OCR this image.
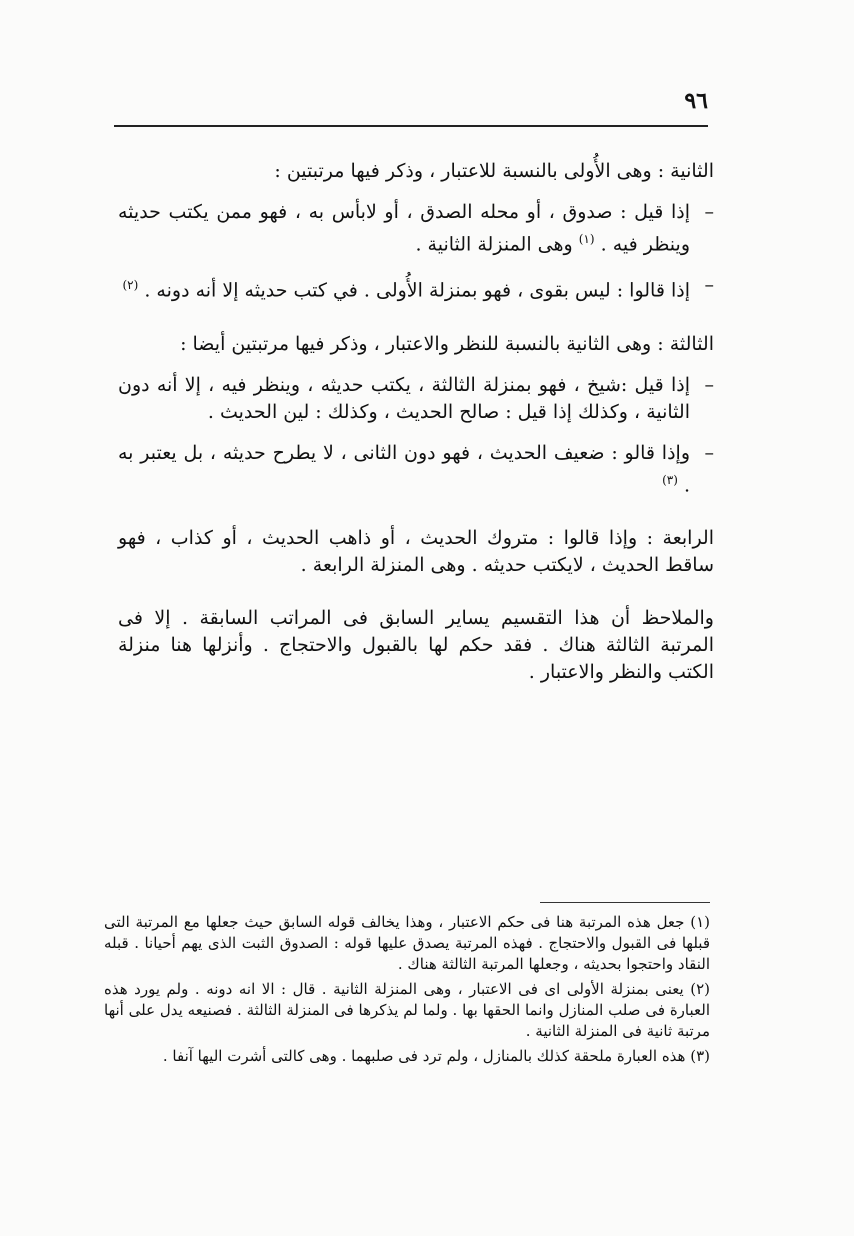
٩٦

الثانية : وهى الأُولى بالنسبة للاعتبار ، وذكر فيها مرتبتين :

–
إذا قيل : صدوق ، أو محله الصدق ، أو لابأس به ، فهو ممن يكتب حديثه وينظر فيه . $^{(١)}$ وهى المنزلة الثانية .
–
إذا قالوا : ليس بقوى ، فهو بمنزلة الأُولى . في كتب حديثه إلا أنه دونه . $^{(٢)}$

الثالثة : وهى الثانية بالنسبة للنظر والاعتبار ، وذكر فيها مرتبتين أيضا :

–
إذا قيل :شيخ ، فهو بمنزلة الثالثة ، يكتب حديثه ، وينظر فيه ، إلا أنه دون الثانية ، وكذلك إذا قيل : صالح الحديث ، وكذلك : لين الحديث .
–
وإذا قالو : ضعيف الحديث ، فهو دون الثانى ، لا يطرح حديثه ، بل يعتبر به . $^{(٣)}$

الرابعة : وإذا قالوا : متروك الحديث ، أو ذاهب الحديث ، أو كذاب ، فهو ساقط الحديث ، لايكتب حديثه . وهى المنزلة الرابعة .

والملاحظ أن هذا التقسيم يساير السابق فى المراتب السابقة . إلا فى المرتبة الثالثة هناك . فقد حكم لها بالقبول والاحتجاج . وأنزلها هنا منزلة الكتب والنظر والاعتبار .

(١) جعل هذه المرتبة هنا فى حكم الاعتبار ، وهذا يخالف قوله السابق حيث جعلها مع المرتبة التى قبلها فى القبول والاحتجاج . فهذه المرتبة يصدق عليها قوله : الصدوق الثبت الذى يهم أحيانا . قبله النقاد واحتجوا بحديثه ، وجعلها المرتبة الثالثة هناك .

(٢) يعنى بمنزلة الأولى اى فى الاعتبار ، وهى المنزلة الثانية . قال : الا انه دونه . ولم يورد هذه العبارة فى صلب المنازل وانما الحقها بها . ولما لم يذكرها فى المنزلة الثالثة . فصنيعه يدل على أنها مرتبة ثانية فى المنزلة الثانية .

(٣) هذه العبارة ملحقة كذلك بالمنازل ، ولم ترد فى صلبهما . وهى كالتى أشرت اليها آنفا .
